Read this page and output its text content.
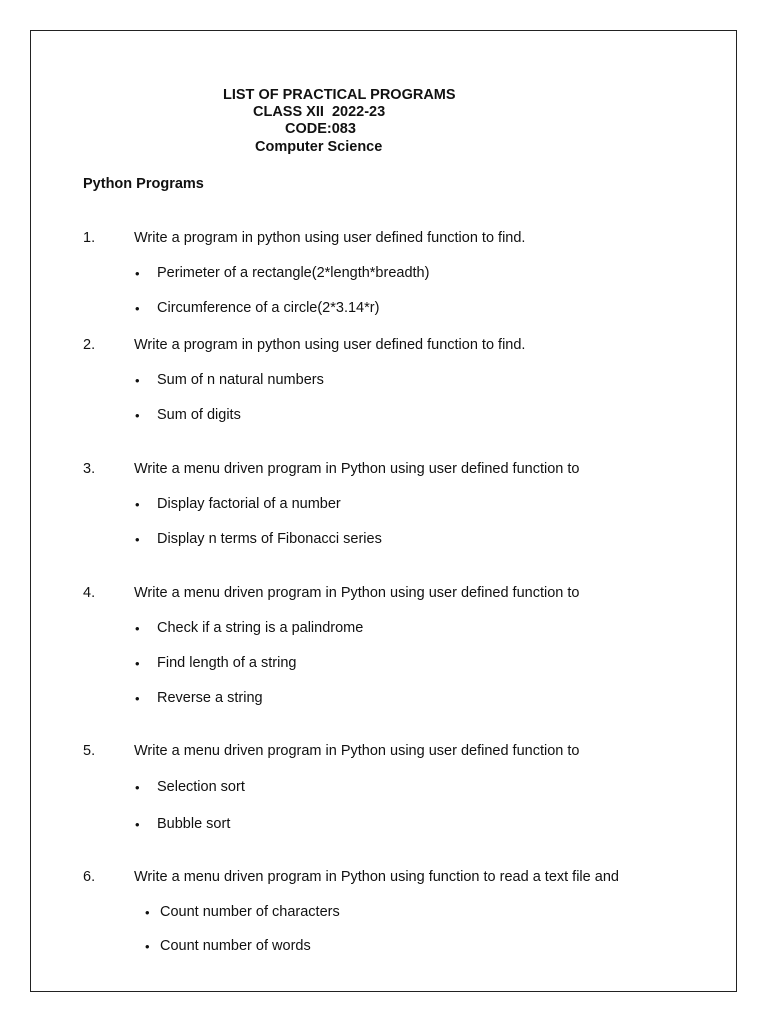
LIST OF PRACTICAL PROGRAMS
CLASS XII  2022-23
CODE:083
Computer Science
Python Programs
1.	Write a program in python using user defined function to find.
• Perimeter of a rectangle(2*length*breadth)
• Circumference of a circle(2*3.14*r)
2.	Write a program in python using user defined function to find.
• Sum of n natural numbers
• Sum of digits
3.	Write a menu driven program in Python using user defined function to
• Display factorial of a number
• Display n terms of Fibonacci series
4.	Write a menu driven program in Python using user defined function to
• Check if a string is a palindrome
• Find length of a string
• Reverse a string
5.	Write a menu driven program in Python using user defined function to
• Selection sort
• Bubble sort
6.	Write a menu driven program in Python using function to read a text file and
• Count number of characters
• Count number of words
